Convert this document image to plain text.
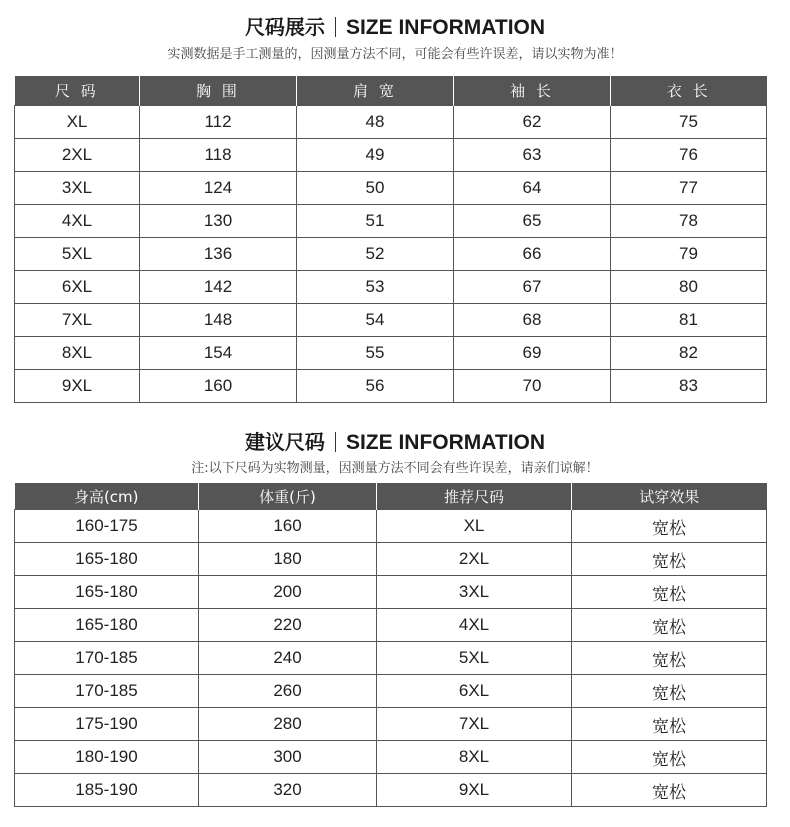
尺码展示 SIZE INFORMATION
实测数据是手工测量的，因测量方法不同，可能会有些许误差，请以实物为准！
尺 码	胸 围	肩 宽	袖 长	衣 长
XL	112	48	62	75
2XL	118	49	63	76
3XL	124	50	64	77
4XL	130	51	65	78
5XL	136	52	66	79
6XL	142	53	67	80
7XL	148	54	68	81
8XL	154	55	69	82
9XL	160	56	70	83
建议尺码 SIZE INFORMATION
注:以下尺码为实物测量，因测量方法不同会有些许误差，请亲们谅解！
身高(cm)	体重(斤)	推荐尺码	试穿效果
160-175	160	XL	宽松
165-180	180	2XL	宽松
165-180	200	3XL	宽松
165-180	220	4XL	宽松
170-185	240	5XL	宽松
170-185	260	6XL	宽松
175-190	280	7XL	宽松
180-190	300	8XL	宽松
185-190	320	9XL	宽松
